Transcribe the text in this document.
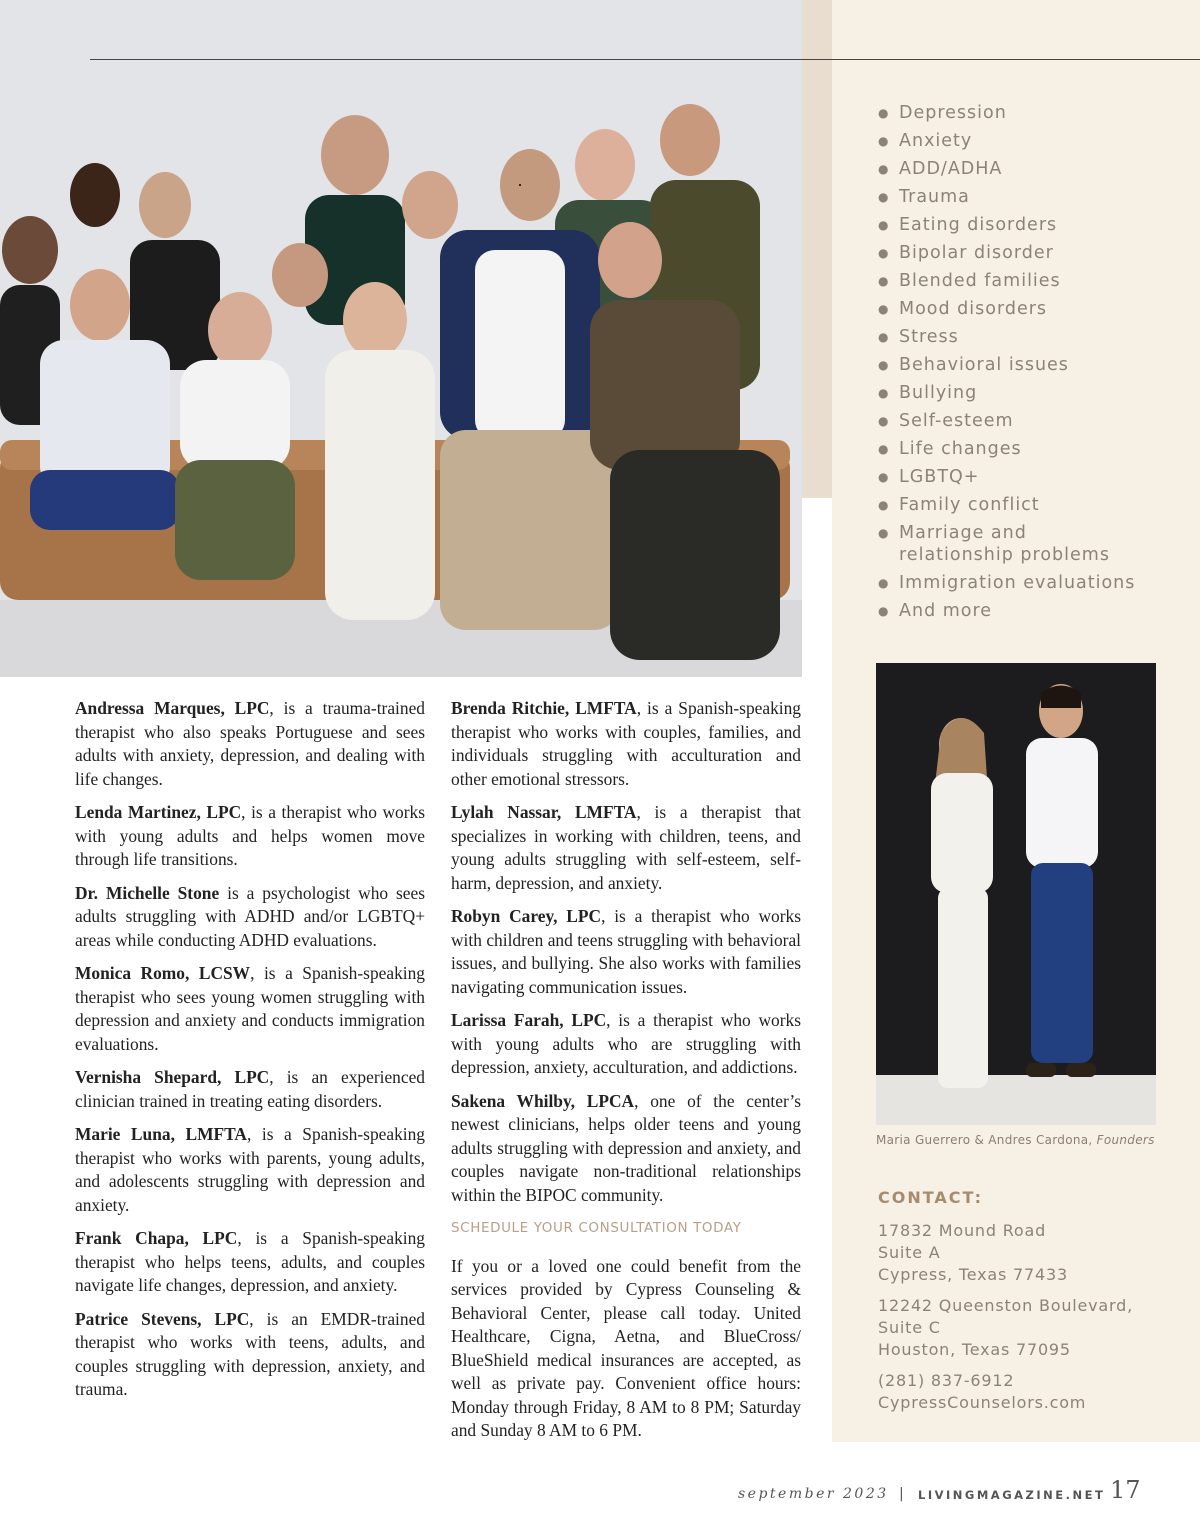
● Depression
● Anxiety
● ADD/ADHA
● Trauma
● Eating disorders
● Bipolar disorder
● Blended families
● Mood disorders
● Stress
● Behavioral issues
● Bullying
● Self-esteem
● Life changes
● LGBTQ+
● Family conflict
● Marriage and relationship problems
● Immigration evaluations
● And more

Andressa Marques, LPC, is a trauma-trained therapist who also speaks Portuguese and sees adults with anxiety, depression, and dealing with life changes.

Lenda Martinez, LPC, is a therapist who works with young adults and helps women move through life transitions.

Dr. Michelle Stone is a psychologist who sees adults struggling with ADHD and/or LGBTQ+ areas while conducting ADHD evaluations.

Monica Romo, LCSW, is a Spanish-speaking therapist who sees young women struggling with depression and anxiety and conducts immigration evaluations.

Vernisha Shepard, LPC, is an experienced clinician trained in treating eating disorders.

Marie Luna, LMFTA, is a Spanish-speaking therapist who works with parents, young adults, and adolescents struggling with depression and anxiety.

Frank Chapa, LPC, is a Spanish-speaking therapist who helps teens, adults, and couples navigate life changes, depression, and anxiety.

Patrice Stevens, LPC, is an EMDR-trained therapist who works with teens, adults, and couples struggling with depression, anxiety, and trauma.

Brenda Ritchie, LMFTA, is a Spanish-speaking therapist who works with couples, families, and individuals struggling with acculturation and other emotional stressors.

Lylah Nassar, LMFTA, is a therapist that specializes in working with children, teens, and young adults struggling with self-esteem, self-harm, depression, and anxiety.

Robyn Carey, LPC, is a therapist who works with children and teens struggling with behavioral issues, and bullying. She also works with families navigating communication issues.

Larissa Farah, LPC, is a therapist who works with young adults who are struggling with depression, anxiety, acculturation, and addictions.

Sakena Whilby, LPCA, one of the center’s newest clinicians, helps older teens and young adults struggling with depression and anxiety, and couples navigate non-traditional relationships within the BIPOC community.

SCHEDULE YOUR CONSULTATION TODAY

If you or a loved one could benefit from the services provided by Cypress Counseling & Behavioral Center, please call today. United Healthcare, Cigna, Aetna, and BlueCross/ BlueShield medical insurances are accepted, as well as private pay. Convenient office hours: Monday through Friday, 8 AM to 8 PM; Saturday and Sunday 8 AM to 6 PM.

Maria Guerrero & Andres Cardona, Founders
CONTACT:
17832 Mound Road
Suite A
Cypress, Texas 77433
12242 Queenston Boulevard,
Suite C
Houston, Texas 77095
(281) 837-6912
CypressCounselors.com
september 2023 | LIVINGMAGAZINE.NET 17
